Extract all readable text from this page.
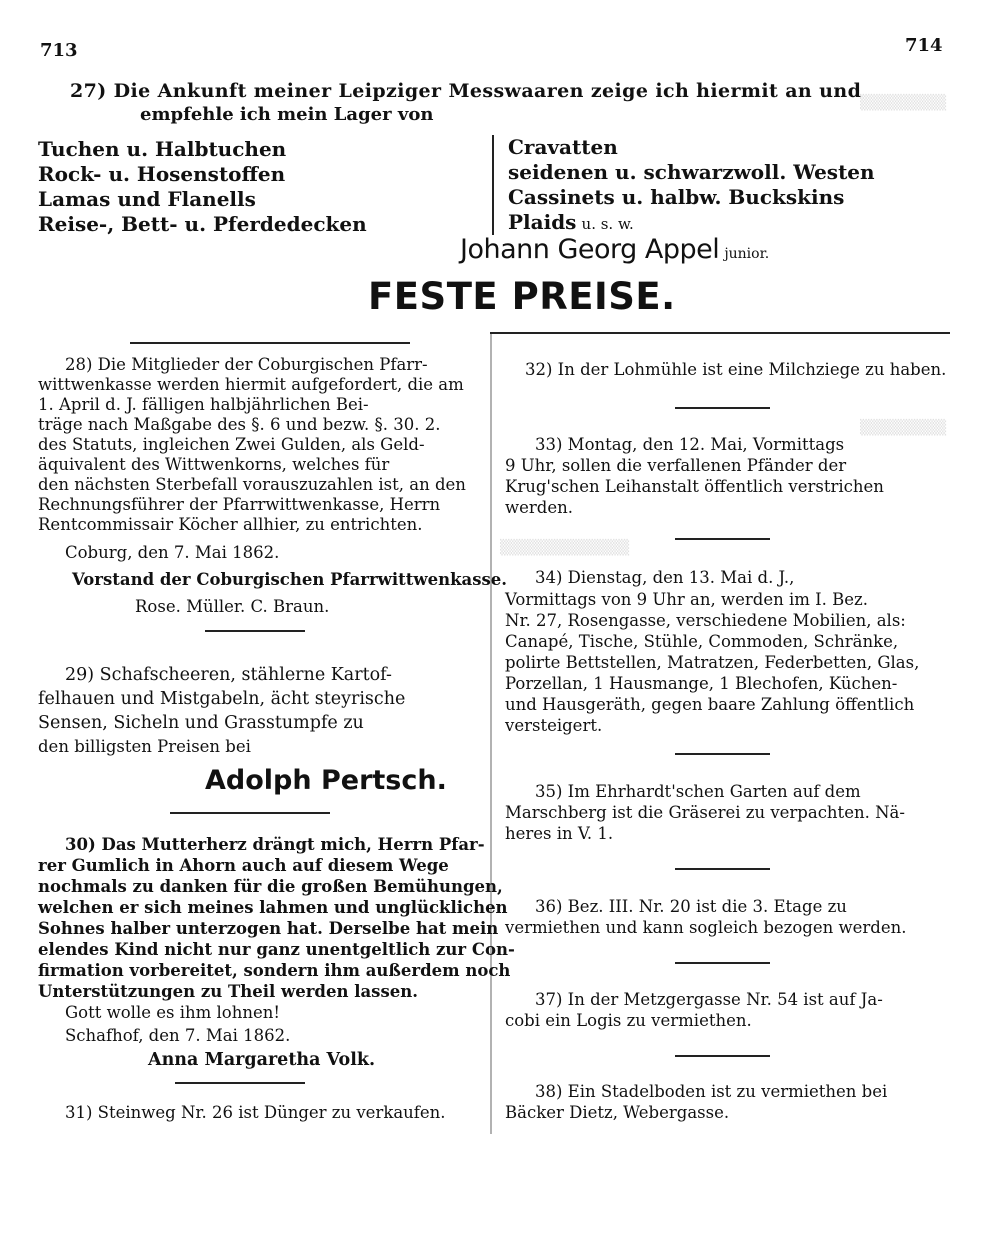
▒▒▒▒▒▒▒▒
▒▒▒▒▒▒▒▒
▒▒▒▒▒▒▒▒▒▒▒▒
713	714
27) Die Ankunft meiner Leipziger Messwaaren zeige ich hiermit an und
empfehle ich mein Lager von
Tuchen u. Halbtuchen
Rock- u. Hosenstoffen
Lamas und Flanells
Reise-, Bett- u. Pferdedecken
Cravatten
seidenen u. schwarzwoll. Westen
Cassinets u. halbw. Buckskins
Plaids u. s. w.
Johann Georg Appel junior.
FESTE PREISE.
28) Die Mitglieder der Coburgischen Pfarr-
wittwenkasse werden hiermit aufgefordert, die am
1. April d. J. fälligen halbjährlichen Bei-
träge nach Maßgabe des §. 6 und bezw. §. 30. 2.
des Statuts, ingleichen Zwei Gulden, als Geld-
äquivalent des Wittwenkorns, welches für
den nächsten Sterbefall vorauszuzahlen ist, an den
Rechnungsführer der Pfarrwittwenkasse, Herrn
Rentcommissair Köcher allhier, zu entrichten.
Coburg, den 7. Mai 1862.
Vorstand der Coburgischen Pfarrwittwenkasse.
Rose. Müller. C. Braun.
29) Schafscheeren, stählerne Kartof-
felhauen und Mistgabeln, ächt steyrische
Sensen, Sicheln und Grasstumpfe zu
den billigsten Preisen bei
Adolph Pertsch.
30) Das Mutterherz drängt mich, Herrn Pfar-
rer Gumlich in Ahorn auch auf diesem Wege
nochmals zu danken für die großen Bemühungen,
welchen er sich meines lahmen und unglücklichen
Sohnes halber unterzogen hat. Derselbe hat mein
elendes Kind nicht nur ganz unentgeltlich zur Con-
firmation vorbereitet, sondern ihm außerdem noch
Unterstützungen zu Theil werden lassen.
Gott wolle es ihm lohnen!
Schafhof, den 7. Mai 1862.
Anna Margaretha Volk.
31) Steinweg Nr. 26 ist Dünger zu verkaufen.
32) In der Lohmühle ist eine Milchziege zu haben.
33) Montag, den 12. Mai, Vormittags
9 Uhr, sollen die verfallenen Pfänder der
Krug'schen Leihanstalt öffentlich verstrichen
werden.
34) Dienstag, den 13. Mai d. J.,
Vormittags von 9 Uhr an, werden im I. Bez.
Nr. 27, Rosengasse, verschiedene Mobilien, als:
Canapé, Tische, Stühle, Commoden, Schränke,
polirte Bettstellen, Matratzen, Federbetten, Glas,
Porzellan, 1 Hausmange, 1 Blechofen, Küchen-
und Hausgeräth, gegen baare Zahlung öffentlich
versteigert.
35) Im Ehrhardt'schen Garten auf dem
Marschberg ist die Gräserei zu verpachten. Nä-
heres in V. 1.
36) Bez. III. Nr. 20 ist die 3. Etage zu
vermiethen und kann sogleich bezogen werden.
37) In der Metzgergasse Nr. 54 ist auf Ja-
cobi ein Logis zu vermiethen.
38) Ein Stadelboden ist zu vermiethen bei
Bäcker Dietz, Webergasse.
